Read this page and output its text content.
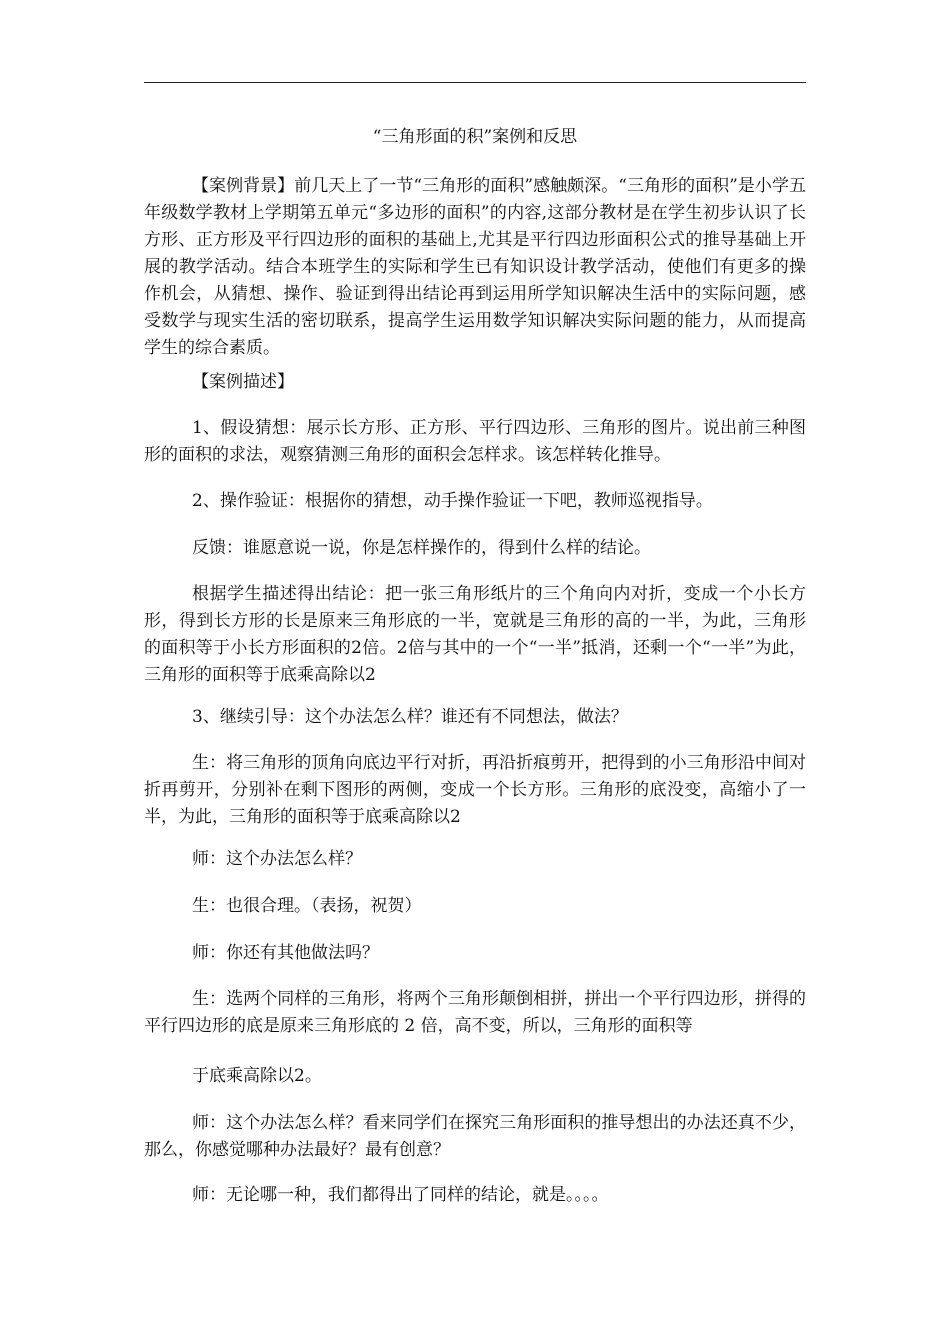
“三角形面的积”案例和反思
【案例背景】前几天上了一节“三角形的面积”感触颇深。“三角形的面积”是小学五年级数学教材上学期第五单元“多边形的面积”的内容,这部分教材是在学生初步认识了长方形、正方形及平行四边形的面积的基础上,尤其是平行四边形面积公式的推导基础上开展的教学活动。结合本班学生的实际和学生已有知识设计教学活动，使他们有更多的操作机会，从猜想、操作、验证到得出结论再到运用所学知识解决生活中的实际问题，感受数学与现实生活的密切联系，提高学生运用数学知识解决实际问题的能力，从而提高学生的综合素质。
【案例描述】
1、假设猜想：展示长方形、正方形、平行四边形、三角形的图片。说出前三种图形的面积的求法，观察猜测三角形的面积会怎样求。该怎样转化推导。
2、操作验证：根据你的猜想，动手操作验证一下吧，教师巡视指导。
反馈：谁愿意说一说，你是怎样操作的，得到什么样的结论。
根据学生描述得出结论：把一张三角形纸片的三个角向内对折，变成一个小长方形，得到长方形的长是原来三角形底的一半，宽就是三角形的高的一半，为此，三角形的面积等于小长方形面积的2倍。2倍与其中的一个“一半”抵消，还剩一个“一半”为此，三角形的面积等于底乘高除以2
3、继续引导：这个办法怎么样？谁还有不同想法，做法？
生：将三角形的顶角向底边平行对折，再沿折痕剪开，把得到的小三角形沿中间对折再剪开，分别补在剩下图形的两侧，变成一个长方形。三角形的底没变，高缩小了一半，为此，三角形的面积等于底乘高除以2
师：这个办法怎么样？
生：也很合理。（表扬，祝贺）
师：你还有其他做法吗？
生：选两个同样的三角形，将两个三角形颠倒相拼，拼出一个平行四边形，拼得的平行四边形的底是原来三角形底的 2 倍，高不变，所以，三角形的面积等
于底乘高除以2。
师：这个办法怎么样？看来同学们在探究三角形面积的推导想出的办法还真不少，那么，你感觉哪种办法最好？最有创意？
师：无论哪一种，我们都得出了同样的结论，就是。。。。
